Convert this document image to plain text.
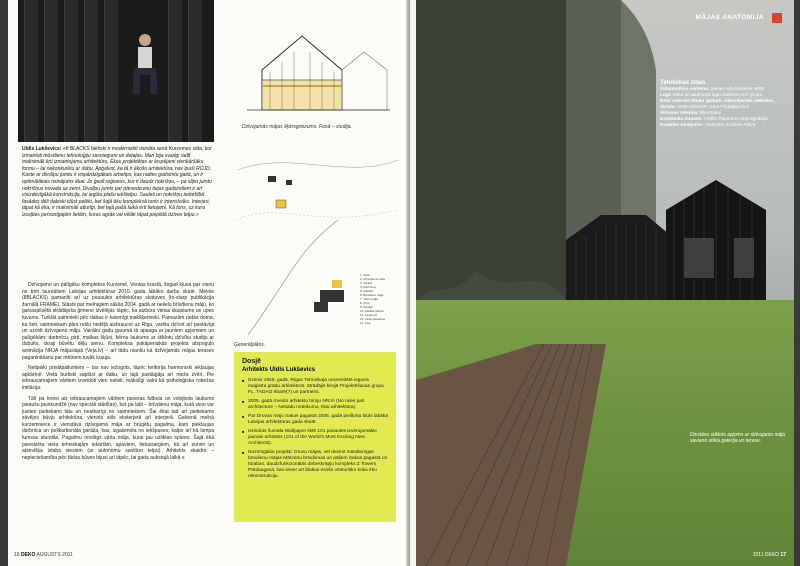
Uldis Lukševics: «8 BLACKS faktiski ir modernizēti risināta senā Kurzemes sēta, kur izmantoti mūsdienu tehnoloģiju sasniegumi un detaļas. Man bija svarīgi radīt maksimāli ērti izmantojamu arhitektūru. Ēkas projektētas ar iespējami vienkāršāku formu – lai nekonkurētu ar dabu. Apgalvot, ka tā ir ēkošu arhitektūra, nav īpaši ROJD. Kaste ar divslīpu jumtu ir vispārdzīgākais arhetips, kas radies gadsimtu gaitā, un ir optimālākais risinājums ēkai. Jo ģeolī reģionos, kur ir daudz nokrišņu, – pa slīpo jumtu nokrišņus novada uz zemi. Divslīpu jumts par pārsedzumu tiejas gadsimtiem ir arī visizdevīgākā konstrukcija, lai iegūtu plašu iekštelpu. Sauleš un nokrišņu iedarbībā fasādes dēli dabiski kļūst pelēki, bet šajā ēku kompleksā tonis ir intensīvāks. Interjeri, tāpat kā ēka, ir maksimāli atturīgi, bet tajā pašā laikā ērti lietojami. Kā fons, uz kura izceļties personīgajām lietām, kuras agrāk vai vēlāk tāpat piepildā dzīves telpu.»

Dzīvojamo un palīgēku komplekss Kurzemē, Ventas krastā, šogad kļuva par vienu no trim laureātiem Latvijas arhitektūras 2010. gada labāko darbu skatē. Melnie (8BLACKS) pamanīti arī uz pasaules arhitektūras skatuves (to-starp publikācija žurnālā FRAME). Stāsts par melnajiem sākās 2004. gadā ar nelielu brīvdienu māju, ko galvaspilsētā strādājoša ģimene izvēlējās tāpēc, ka aizbūra vietas skaistums un upes tuvums. Turklāt saimnieki pēc dabas ir kaismīgi makšķernieki. Pamazām radās doma, ka šeit, saimniekam pārs reižu nedēļā aizbraucot uz Rīgu, varētu dzīvot arī pastāvīgi un uzcelt dzīvojamo māju. Vairāku gadu garumā tā apauga ar jauniem apjomiem un palīgēkām: darbnīcu, pirti, malkas šķūni, bērnu laukums ar stiklotu dzīvību studiju ar dubultu, skraji būvētu dēļu sienu. Kompleksa pakāpeniskās projekta atspoguļo animācija NRJA mājaslapā (Veja.lv) – arī tādu nianšu kā dzīvojamās mājas terases paganināšanu par metriem tuvāk krauja.

Netipiski privātpaliumiem – tas nav iežogots, tāpēc teritorija harmoniski iekļaujas apkārtnē. Vieta burtiski saplūst ar dabu, un tajā pastāigāju arī meža zvēri. Pie iebraucamajiem vārtiem izveidoti vien nelieli, mākslīgi valni kā psiholoģiska robežas imitācija.

Tālī pa kreisi aiz iebraucamajiem vārtiem paveras futbola un volejbola laukums pieaušu jaunkundžē (nav speciāli stādītas), bet pa labi – brīvdienu māja, kurā viesi var justies pietiekami tālu un neatkarīgi no saimniekiem. Šai ēkai tad arī pietiekams zāvējos būvju arhitektūra, vienots stils eksterjerā arī interjerā. Galvenā melnā kurzemniece ir vienstāva dzīvojamā māja ar brūgētu pagalmu, kam pieklaujas darbnīca un polikarbonāta garāža, kas, izgaismota no iekšpuses, kalpo arī kā lampa tumsas stundās. Pagalmu noslēgs vārtu māja, kurai jau uzliktas spāres. Šajā ēkā paredzēta vieta tehniskajām iekārtām, apaviem, lietussargiem, kā arī sunim un atsevišķa istaba viesiem (ar autonomu sanitāro telpu). Arhitekts skaidro – nepieciešamība pēc tādas būves bijusi arī tāpēc, lai gada aukstajā laikā »

Dzīvojamās mājas šķērsgriezums. Fonā – studija.
1. Sēta
2. Dzīvojamā māja
3. Terase
4. Darbnīca
5. Garāža
6. Brīvdienu māja
7. Vārtu māja
8. Pirts
9. Studija
10. Malkas šķūnis
11. Laukums
12. Laivu piestātne
13. Upe
Ģenerālplāns.
Dosjē
Arhitekts Uldis Lukševics
■ Dzimis 1969. gadā. Rīgas Tehniskajā universitātē ieguvis maģistra grādu arhitektūrā. Strādājis birojā Projektēšanas grupa FL, TADAO ēbarē(?) un partneris.
■ 2005. gadā izveido arhitektu biroju NRJA (No rules just architecture – Nekādu noteikumu, tikai arhitektūra).
■ Par Druvas māju Sakas pagastā 2006. gadā piešķirta tituls labākā Latvijas arhitektūras gada skatē.
■ Ierindots žurnāla Wallpaper listē 101 pasaules ievērojamākie jaunais arhitekts (101 of the World's Most Exciting New Architects).
■ Nozīmīgākie projekti: Druvu mājas, vēl desmit mūsdienīgas brīvdienu mājas Mārcenu brīvdienas un pāļiem Sakas pagastā un tūrabas, daudzfunkcionālās debeskrāpju kompleks Z Towers Pārdaugavā, kas ietver arī blakus esošo vēsturisko koka ēku rekonstrukciju.
16 DEKO AUGUSTS 2011
MĀJAS ANATOMIJA
Tehniskas ziņas
Siltumsūkņa sistēma: zemes siltumsūknis NIBE
Logi: koka un alumīnija logu sistēma ALF grupa
Brīvi stāvošo bloku apdare, iebūvējamās mēbeles, durvis: GSR-GROUP, Juris Prigaļegovics
Virtuves tehnika: Electrolux
Dzelzkoka terases: Nrdžo Paint Eco Impregnācija
Fasādes tonējums: Vivacolor Koloree Aktva
Divstāvu stiklots apjoms ar dzīvojamo māju savieno stikla galerija un terase.
2011 DEKO 17
